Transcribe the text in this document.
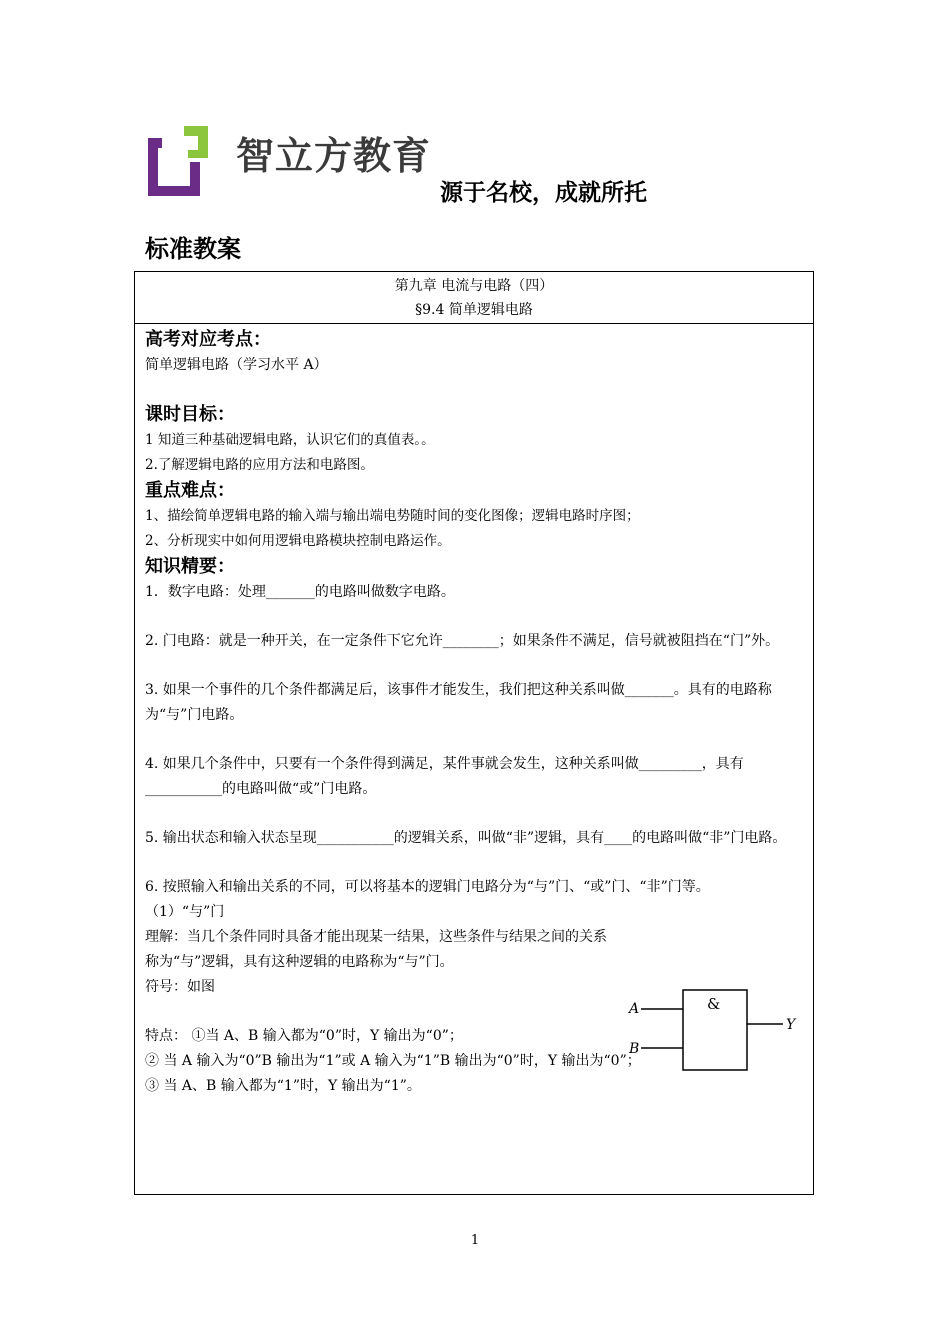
智立方教育
源于名校，成就所托
标准教案
第九章 电流与电路（四）
§9.4 简单逻辑电路
高考对应考点：
简单逻辑电路（学习水平 A）
课时目标：
1 知道三种基础逻辑电路，认识它们的真值表。。
2.了解逻辑电路的应用方法和电路图。
重点难点：
1、描绘简单逻辑电路的输入端与输出端电势随时间的变化图像；逻辑电路时序图；
2、分析现实中如何用逻辑电路模块控制电路运作。
知识精要：
1．数字电路：处理_______的电路叫做数字电路。
2. 门电路：就是一种开关，在一定条件下它允许________；如果条件不满足，信号就被阻挡在“门”外。
3. 如果一个事件的几个条件都满足后，该事件才能发生，我们把这种关系叫做_______。具有的电路称为“与”门电路。
4. 如果几个条件中，只要有一个条件得到满足，某件事就会发生，这种关系叫做_________，具有___________的电路叫做“或”门电路。
5. 输出状态和输入状态呈现___________的逻辑关系，叫做“非”逻辑，具有____的电路叫做“非”门电路。
6. 按照输入和输出关系的不同，可以将基本的逻辑门电路分为“与”门、“或”门、“非”门等。
（1）“与”门
理解：当几个条件同时具备才能出现某一结果，这些条件与结果之间的关系称为“与”逻辑，具有这种逻辑的电路称为“与”门。
符号：如图
特点： ①当 A、B 输入都为“0”时，Y 输出为“0”；
② 当 A 输入为“0”B 输出为“1”或 A 输入为“1”B 输出为“0”时，Y 输出为“0”；
③ 当 A、B 输入都为“1”时，Y 输出为“1”。
&
A
B
Y
1
